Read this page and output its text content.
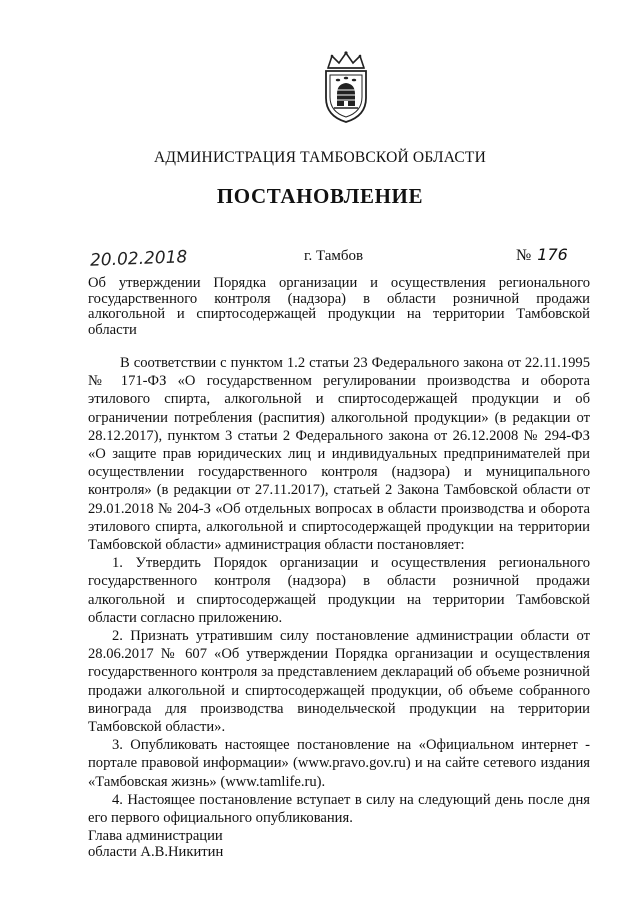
АДМИНИСТРАЦИЯ ТАМБОВСКОЙ ОБЛАСТИ
ПОСТАНОВЛЕНИЕ
20.02.2018	г. Тамбов	№ 176
Об утверждении Порядка организации и осуществления регионального государственного контроля (надзора) в области розничной продажи алкогольной и спиртосодержащей продукции на территории Тамбовской области

В соответствии с пунктом 1.2 статьи 23 Федерального закона от 22.11.1995 № 171-ФЗ «О государственном регулировании производства и оборота этилового спирта, алкогольной и спиртосодержащей продукции и об ограничении потребления (распития) алкогольной продукции» (в редакции от 28.12.2017), пунктом 3 статьи 2 Федерального закона от 26.12.2008 № 294-ФЗ «О защите прав юридических лиц и индивидуальных предпринимателей при осуществлении государственного контроля (надзора) и муниципального контроля» (в редакции от 27.11.2017), статьей 2 Закона Тамбовской области от 29.01.2018 № 204-З «Об отдельных вопросах в области производства и оборота этилового спирта, алкогольной и спиртосодержащей продукции на территории Тамбовской области» администрация области постановляет:

1. Утвердить Порядок организации и осуществления регионального государственного контроля (надзора) в области розничной продажи алкогольной и спиртосодержащей продукции на территории Тамбовской области согласно приложению.

2. Признать утратившим силу постановление администрации области от 28.06.2017 № 607 «Об утверждении Порядка организации и осуществления государственного контроля за представлением деклараций об объеме розничной продажи алкогольной и спиртосодержащей продукции, об объеме собранного винограда для производства винодельческой продукции на территории Тамбовской области».

3. Опубликовать настоящее постановление на «Официальном интернет - портале правовой информации» (www.pravo.gov.ru) и на сайте сетевого издания «Тамбовская жизнь» (www.tamlife.ru).

4. Настоящее постановление вступает в силу на следующий день после дня его первого официального опубликования.

Глава администрации
области А.В.Никитин
